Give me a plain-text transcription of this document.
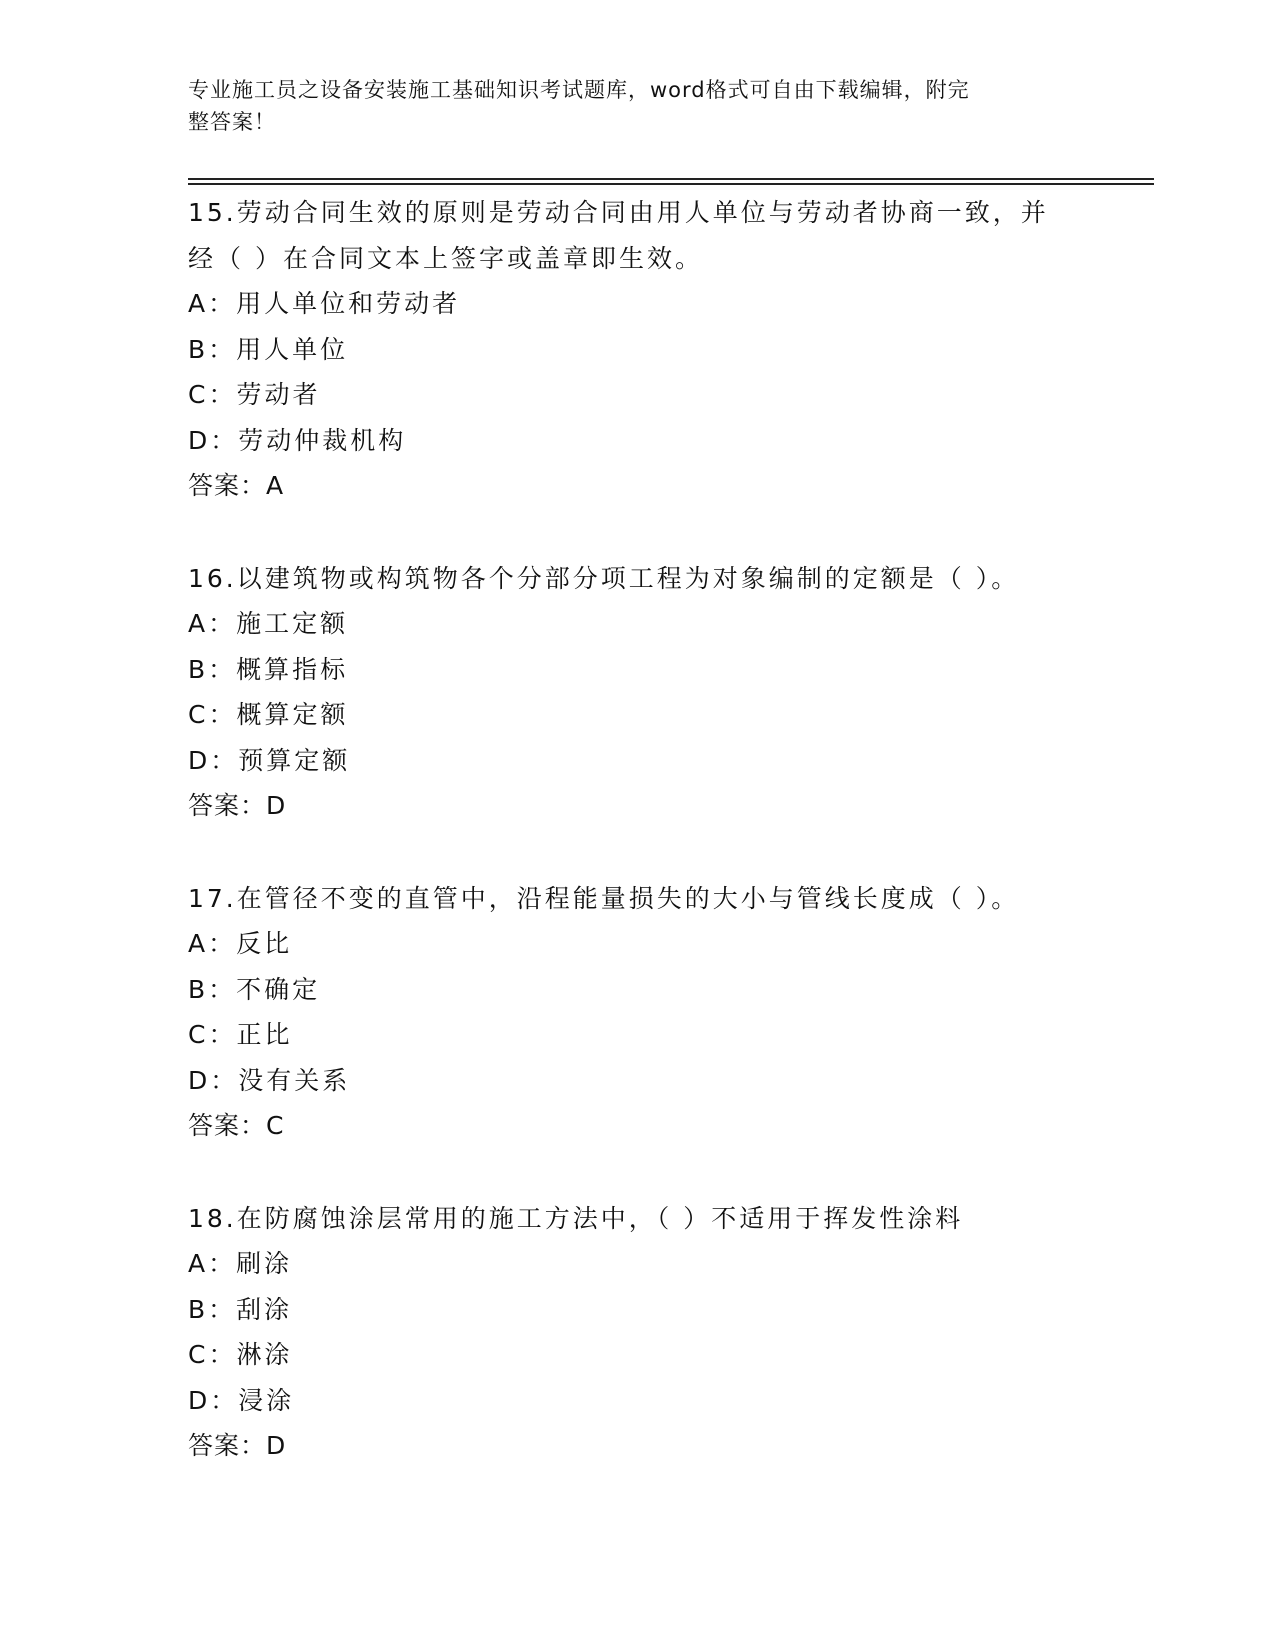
专业施工员之设备安装施工基础知识考试题库，word格式可自由下载编辑，附完
整答案！
15.劳动合同生效的原则是劳动合同由用人单位与劳动者协商一致，并
经（ ）在合同文本上签字或盖章即生效。
A：用人单位和劳动者
B：用人单位
C：劳动者
D：劳动仲裁机构
答案：A
16.以建筑物或构筑物各个分部分项工程为对象编制的定额是（ ）。
A：施工定额
B：概算指标
C：概算定额
D：预算定额
答案：D
17.在管径不变的直管中，沿程能量损失的大小与管线长度成（ ）。
A：反比
B：不确定
C：正比
D：没有关系
答案：C
18.在防腐蚀涂层常用的施工方法中，（ ）不适用于挥发性涂料
A：刷涂
B：刮涂
C：淋涂
D：浸涂
答案：D
